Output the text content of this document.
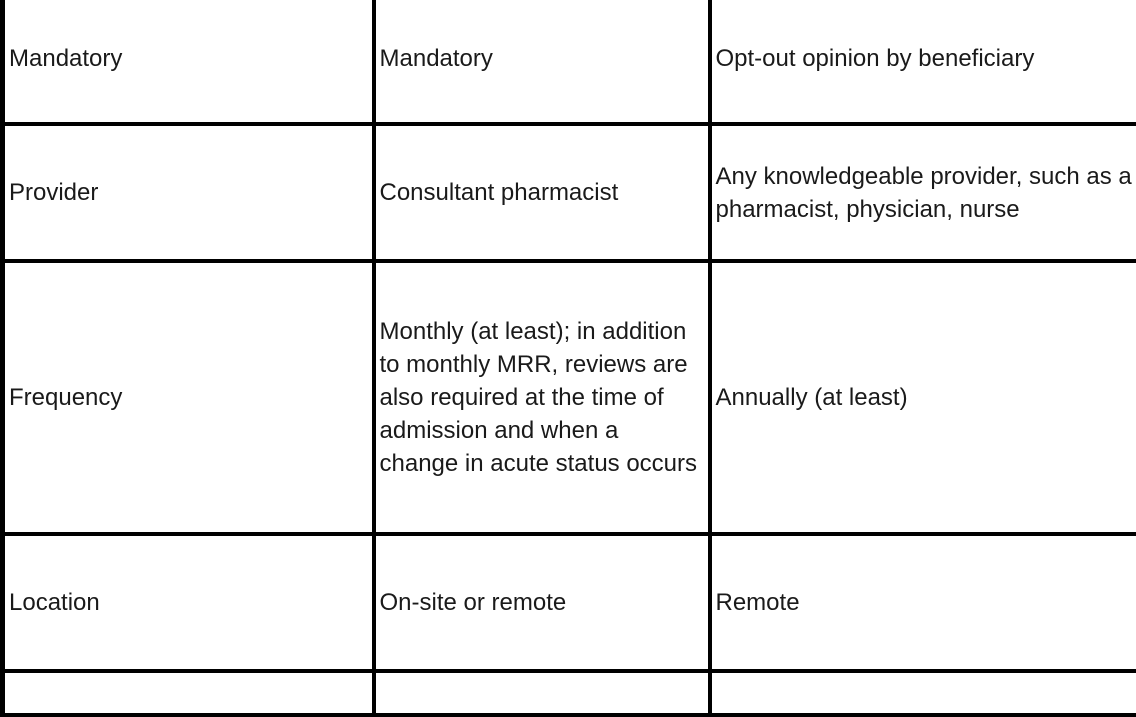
Mandatory	Mandatory	Opt-out opinion by beneficiary

Provider	Consultant pharmacist	Any knowledgeable provider, such as a pharmacist, physician, nurse

Frequency	Monthly (at least); in addition to monthly MRR, reviews are also required at the time of admission and when a change in acute status occurs	Annually (at least)

Location	On-site or remote	Remote
